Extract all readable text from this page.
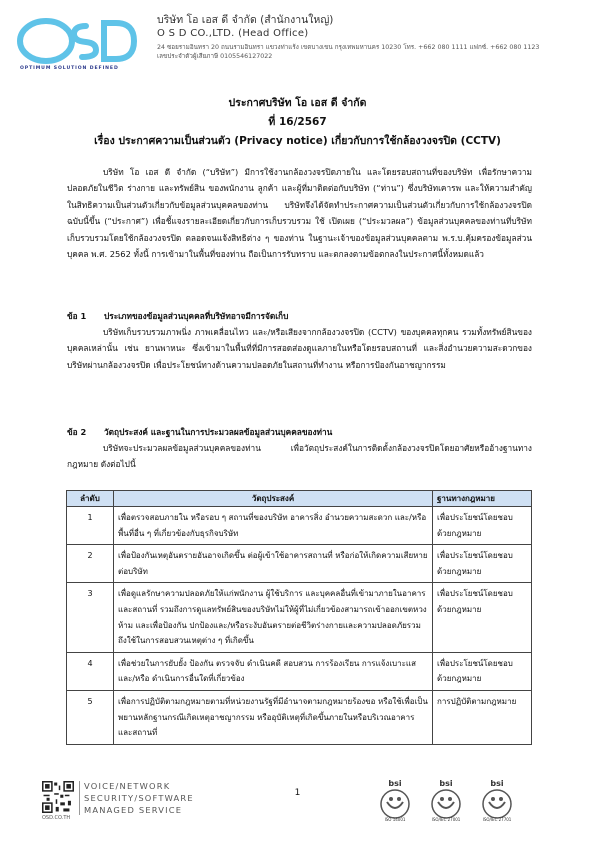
OPTIMUM SOLUTION DEFINED
บริษัท โอ เอส ดี จำกัด (สำนักงานใหญ่)
O S D CO.,LTD. (Head Office)
24 ซอยรามอินทรา 20 ถนนรามอินทรา แขวงท่าแร้ง เขตบางเขน กรุงเทพมหานคร 10230 โทร. +662 080 1111 แฟกซ์. +662 080 1123
เลขประจำตัวผู้เสียภาษี 0105546127022
ประกาศบริษัท โอ เอส ดี จำกัด
ที่ 16/2567
เรื่อง ประกาศความเป็นส่วนตัว (Privacy notice) เกี่ยวกับการใช้กล้องวงจรปิด (CCTV)
บริษัท โอ เอส ดี จำกัด (“บริษัท”) มีการใช้งานกล้องวงจรปิดภายใน และโดยรอบสถานที่ของบริษัท เพื่อรักษาความปลอดภัยในชีวิต ร่างกาย และทรัพย์สิน ของพนักงาน ลูกค้า และผู้ที่มาติดต่อกับบริษัท (“ท่าน”) ซึ่งบริษัทเคารพ และให้ความสำคัญในสิทธิความเป็นส่วนตัวเกี่ยวกับข้อมูลส่วนบุคคลของท่าน บริษัทจึงได้จัดทำประกาศความเป็นส่วนตัวเกี่ยวกับการใช้กล้องวงจรปิดฉบับนี้ขึ้น (“ประกาศ”) เพื่อชี้แจงรายละเอียดเกี่ยวกับการเก็บรวบรวม ใช้ เปิดเผย (“ประมวลผล”) ข้อมูลส่วนบุคคลของท่านที่บริษัทเก็บรวบรวมโดยใช้กล้องวงจรปิด ตลอดจนแจ้งสิทธิต่าง ๆ ของท่าน ในฐานะเจ้าของข้อมูลส่วนบุคคลตาม พ.ร.บ.คุ้มครองข้อมูลส่วนบุคคล พ.ศ. 2562 ทั้งนี้ การเข้ามาในพื้นที่ของท่าน ถือเป็นการรับทราบ และตกลงตามข้อตกลงในประกาศนี้ทั้งหมดแล้ว
ข้อ 1 ประเภทของข้อมูลส่วนบุคคลที่บริษัทอาจมีการจัดเก็บ
บริษัทเก็บรวบรวมภาพนิ่ง ภาพเคลื่อนไหว และ/หรือเสียงจากกล้องวงจรปิด (CCTV) ของบุคคลทุกคน รวมทั้งทรัพย์สินของบุคคลเหล่านั้น เช่น ยานพาหนะ ซึ่งเข้ามาในพื้นที่ที่มีการสอดส่องดูแลภายในหรือโดยรอบสถานที่ และสิ่งอำนวยความสะดวกของบริษัทผ่านกล้องวงจรปิด เพื่อประโยชน์ทางด้านความปลอดภัยในสถานที่ทำงาน หรือการป้องกันอาชญากรรม
ข้อ 2 วัตถุประสงค์ และฐานในการประมวลผลข้อมูลส่วนบุคคลของท่าน
บริษัทจะประมวลผลข้อมูลส่วนบุคคลของท่าน เพื่อวัตถุประสงค์ในการติดตั้งกล้องวงจรปิดโดยอาศัยหรืออ้างฐานทางกฎหมาย ดังต่อไปนี้
ลำดับ	วัตถุประสงค์	ฐานทางกฎหมาย
1	เพื่อตรวจสอบภายใน หรือรอบ ๆ สถานที่ของบริษัท อาคารสิ่ง อำนวยความสะดวก และ/หรือพื้นที่อื่น ๆ ที่เกี่ยวข้องกับธุรกิจบริษัท	เพื่อประโยชน์โดยชอบด้วยกฎหมาย
2	เพื่อป้องกันเหตุอันตรายอันอาจเกิดขึ้น ต่อผู้เข้าใช้อาคารสถานที่ หรือก่อให้เกิดความเสียหายต่อบริษัท	เพื่อประโยชน์โดยชอบด้วยกฎหมาย
3	เพื่อดูแลรักษาความปลอดภัยให้แก่พนักงาน ผู้ใช้บริการ และบุคคลอื่นที่เข้ามาภายในอาคารและสถานที่ รวมถึงการดูแลทรัพย์สินของบริษัทไม่ให้ผู้ที่ไม่เกี่ยวข้องสามารถเข้าออกเขตหวงห้าม และเพื่อป้องกัน ปกป้องและ/หรือระงับอันตรายต่อชีวิตร่างกายและความปลอดภัยรวมถึงใช้ในการสอบสวนเหตุต่าง ๆ ที่เกิดขึ้น	เพื่อประโยชน์โดยชอบด้วยกฎหมาย
4	เพื่อช่วยในการยับยั้ง ป้องกัน ตรวจจับ ดำเนินคดี สอบสวน การร้องเรียน การแจ้งเบาะแส และ/หรือ ดำเนินการอื่นใดที่เกี่ยวข้อง	เพื่อประโยชน์โดยชอบด้วยกฎหมาย
5	เพื่อการปฏิบัติตามกฎหมายตามที่หน่วยงานรัฐที่มีอำนาจตามกฎหมายร้องขอ หรือใช้เพื่อเป็นพยานหลักฐานกรณีเกิดเหตุอาชญากรรม หรืออุบัติเหตุที่เกิดขึ้นภายในหรือบริเวณอาคารและสถานที่	การปฏิบัติตามกฎหมาย
1
OSD.CO.TH
VOICE/NETWORK
SECURITY/SOFTWARE
MANAGED SERVICE
bsi
ISO 14001
bsi
ISO/IEC 27001
bsi
ISO/IEC 27701
